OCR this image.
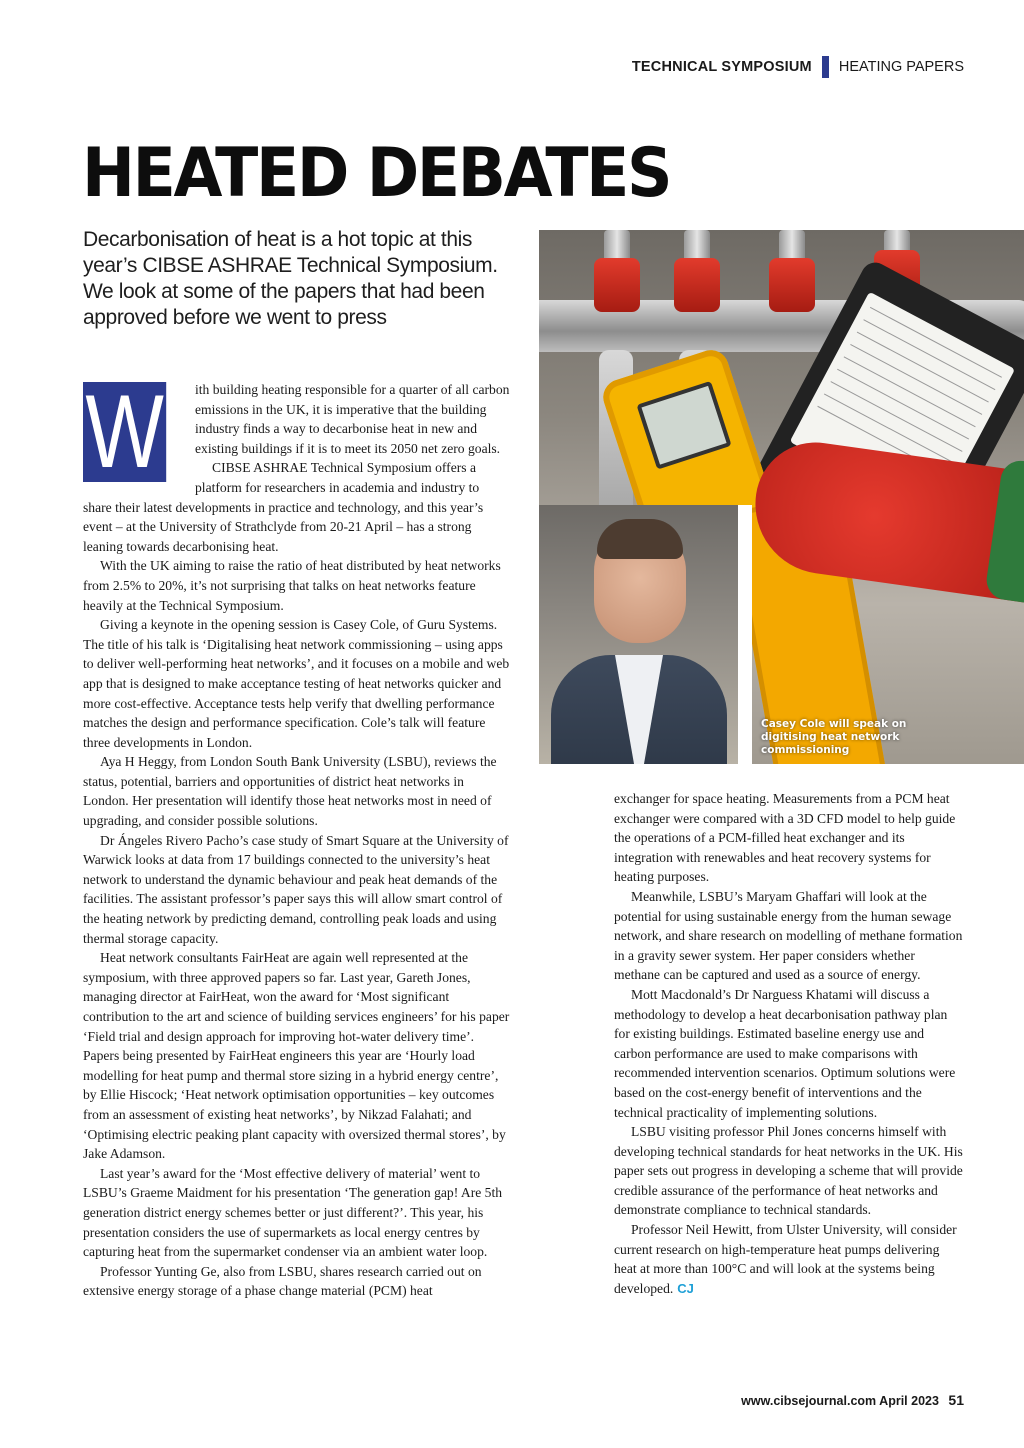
TECHNICAL SYMPOSIUM HEATING PAPERS
HEATED DEBATES
Decarbonisation of heat is a hot topic at this year’s CIBSE ASHRAE Technical Symposium. We look at some of the papers that had been approved before we went to press
Casey Cole will speak on digitising heat network commissioning
W	ith building heating responsible for a quarter of all carbon emissions in the UK, it is imperative that the building industry finds a way to decarbonise heat in new and existing buildings if it is to meet its 2050 net zero goals.

CIBSE ASHRAE Technical Symposium offers a platform for researchers in academia and industry to share their latest developments in practice and technology, and this year’s event – at the University of Strathclyde from 20-21 April – has a strong leaning towards decarbonising heat.

With the UK aiming to raise the ratio of heat distributed by heat networks from 2.5% to 20%, it’s not surprising that talks on heat networks feature heavily at the Technical Symposium.

Giving a keynote in the opening session is Casey Cole, of Guru Systems. The title of his talk is ‘Digitalising heat network commissioning – using apps to deliver well-performing heat networks’, and it focuses on a mobile and web app that is designed to make acceptance testing of heat networks quicker and more cost-effective. Acceptance tests help verify that dwelling performance matches the design and performance specification. Cole’s talk will feature three developments in London.

Aya H Heggy, from London South Bank University (LSBU), reviews the status, potential, barriers and opportunities of district heat networks in London. Her presentation will identify those heat networks most in need of upgrading, and consider possible solutions.

Dr Ángeles Rivero Pacho’s case study of Smart Square at the University of Warwick looks at data from 17 buildings connected to the university’s heat network to understand the dynamic behaviour and peak heat demands of the facilities. The assistant professor’s paper says this will allow smart control of the heating network by predicting demand, controlling peak loads and using thermal storage capacity.

Heat network consultants FairHeat are again well represented at the symposium, with three approved papers so far. Last year, Gareth Jones, managing director at FairHeat, won the award for ‘Most significant contribution to the art and science of building services engineers’ for his paper ‘Field trial and design approach for improving hot-water delivery time’. Papers being presented by FairHeat engineers this year are ‘Hourly load modelling for heat pump and thermal store sizing in a hybrid energy centre’, by Ellie Hiscock; ‘Heat network optimisation opportunities – key outcomes from an assessment of existing heat networks’, by Nikzad Falahati; and ‘Optimising electric peaking plant capacity with oversized thermal stores’, by Jake Adamson.

Last year’s award for the ‘Most effective delivery of material’ went to LSBU’s Graeme Maidment for his presentation ‘The generation gap! Are 5th generation district energy schemes better or just different?’. This year, his presentation considers the use of supermarkets as local energy centres by capturing heat from the supermarket condenser via an ambient water loop.

Professor Yunting Ge, also from LSBU, shares research carried out on extensive energy storage of a phase change material (PCM) heat

exchanger for space heating. Measurements from a PCM heat exchanger were compared with a 3D CFD model to help guide the operations of a PCM-filled heat exchanger and its integration with renewables and heat recovery systems for heating purposes.

Meanwhile, LSBU’s Maryam Ghaffari will look at the potential for using sustainable energy from the human sewage network, and share research on modelling of methane formation in a gravity sewer system. Her paper considers whether methane can be captured and used as a source of energy.

Mott Macdonald’s Dr Narguess Khatami will discuss a methodology to develop a heat decarbonisation pathway plan for existing buildings. Estimated baseline energy use and carbon performance are used to make comparisons with recommended intervention scenarios. Optimum solutions were based on the cost-energy benefit of interventions and the technical practicality of implementing solutions.

LSBU visiting professor Phil Jones concerns himself with developing technical standards for heat networks in the UK. His paper sets out progress in developing a scheme that will provide credible assurance of the performance of heat networks and demonstrate compliance to technical standards.

Professor Neil Hewitt, from Ulster University, will consider current research on high-temperature heat pumps delivering heat at more than 100°C and will look at the systems being developed. CJ

www.cibsejournal.com April 2023 51
